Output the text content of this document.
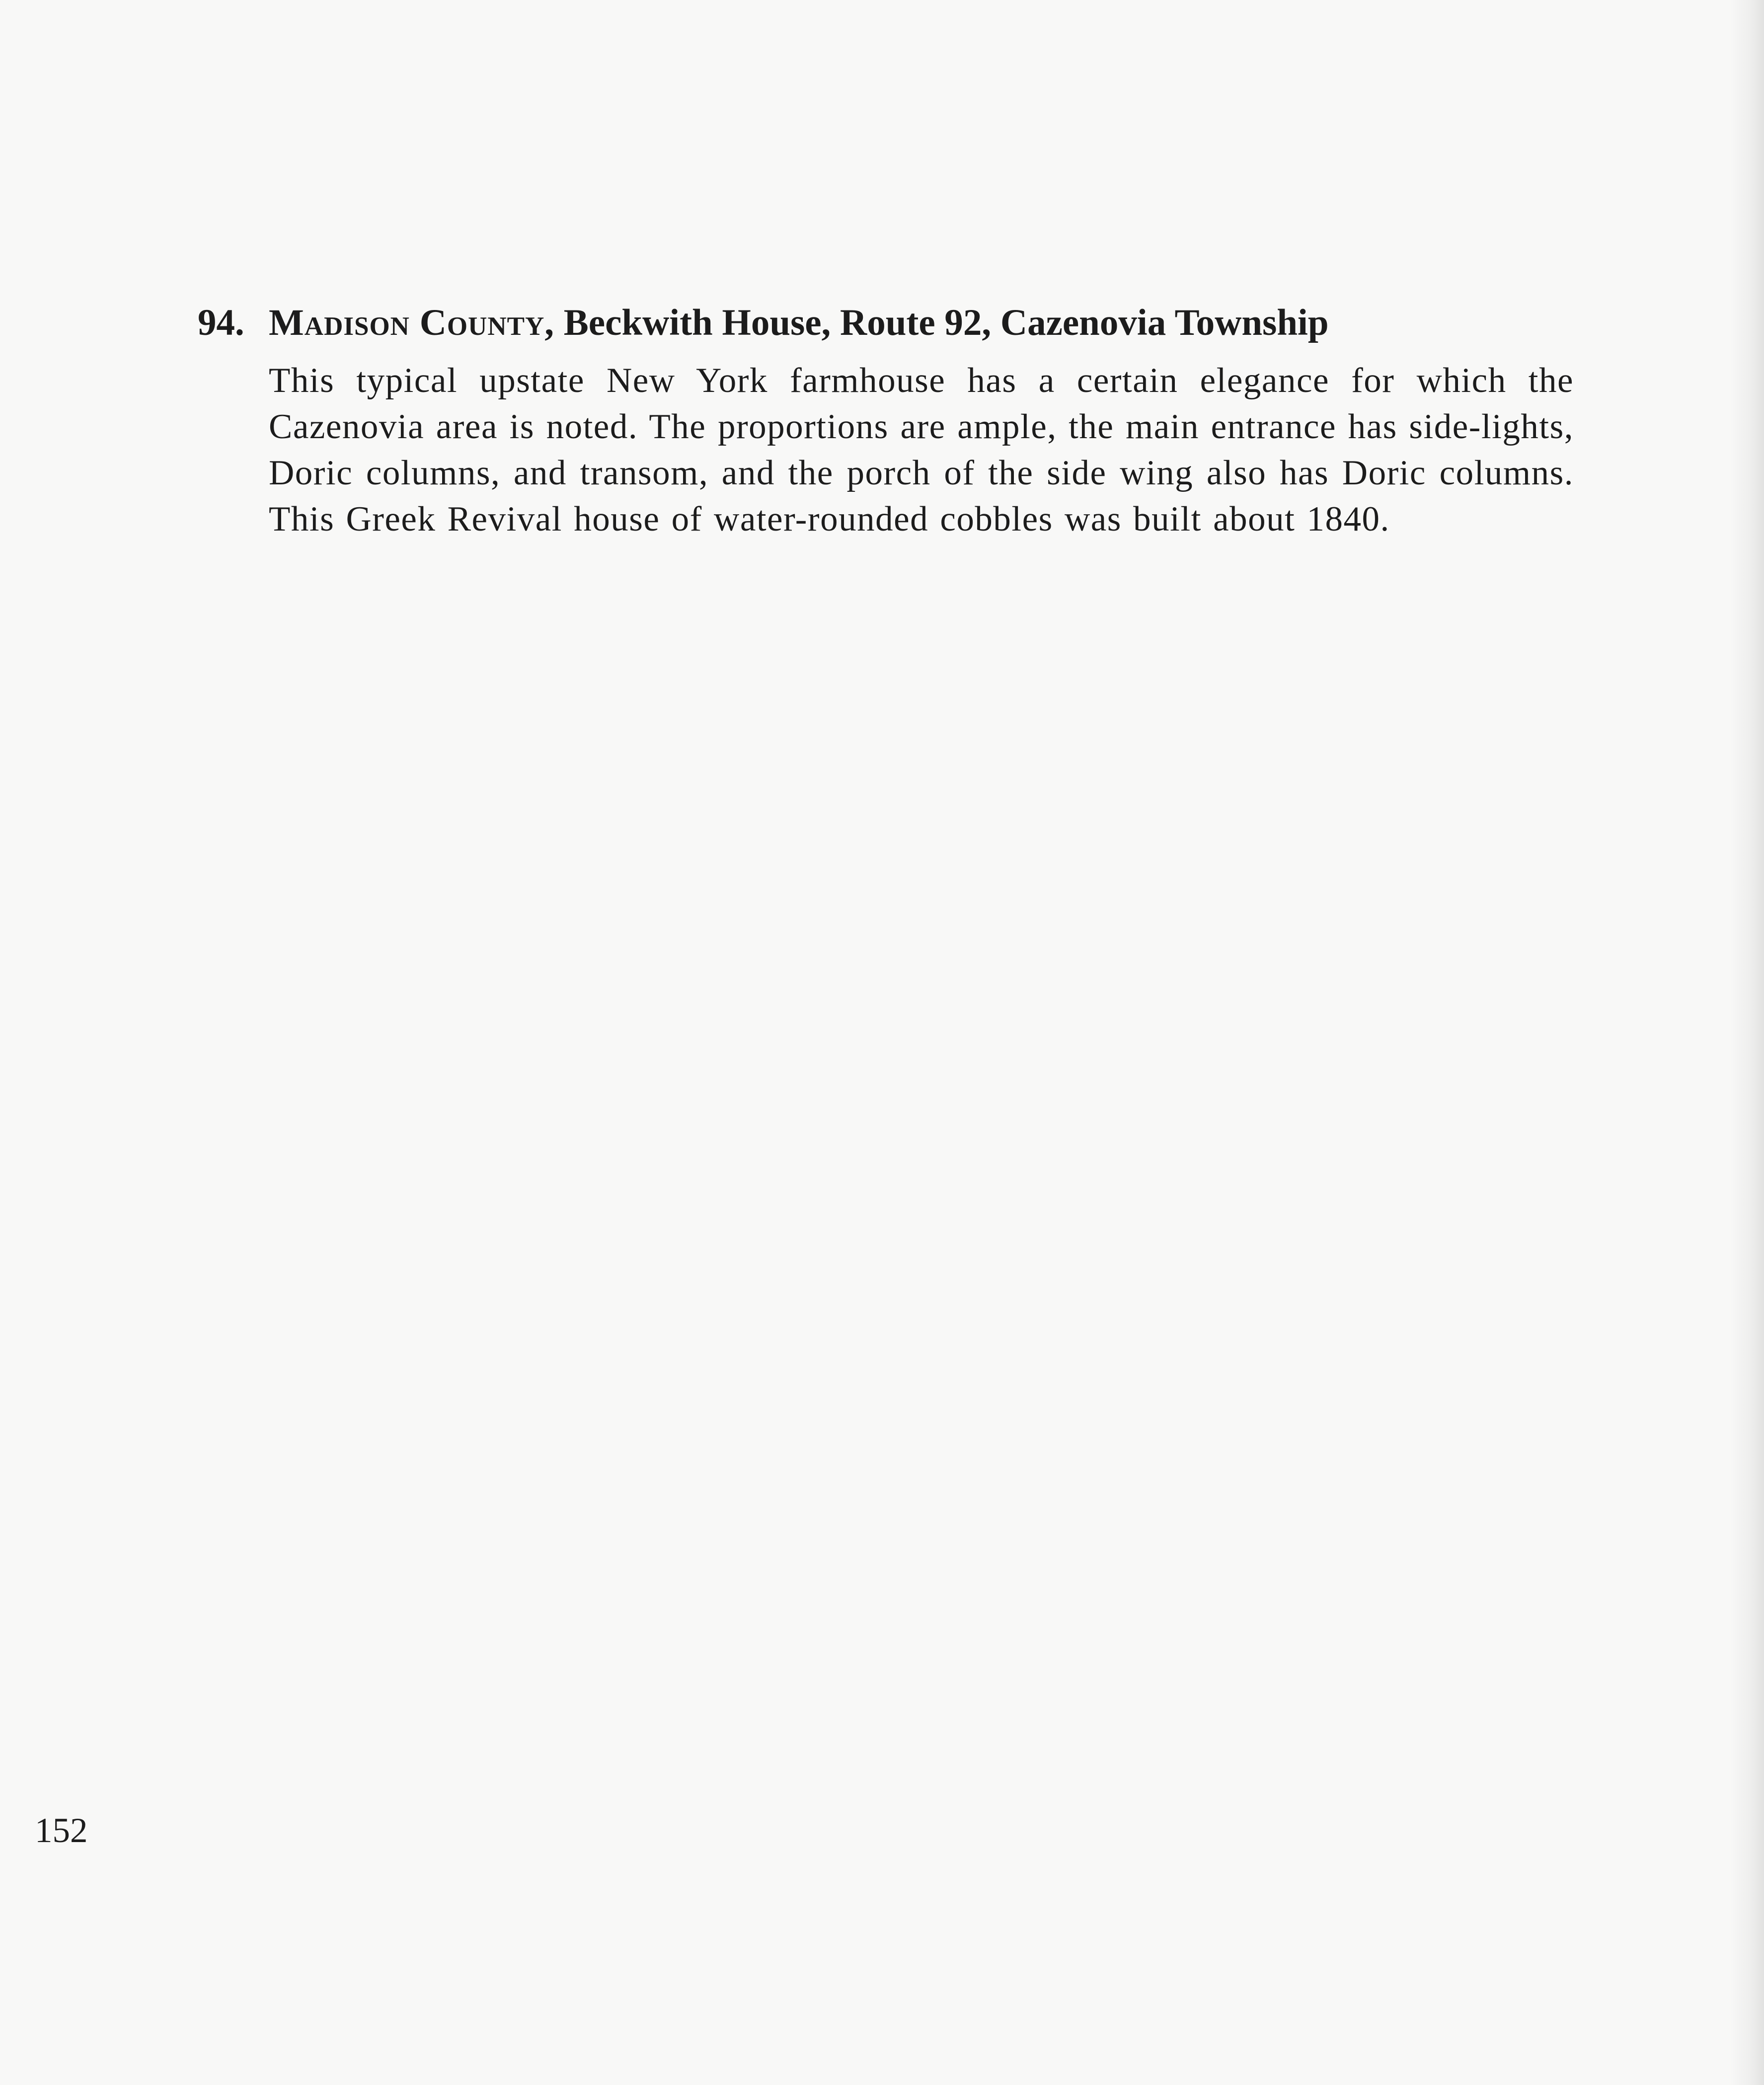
94. Madison County, Beckwith House, Route 92, Cazenovia Township

This typical upstate New York farmhouse has a certain elegance for which the Cazenovia area is noted. The proportions are ample, the main entrance has side-lights, Doric columns, and transom, and the porch of the side wing also has Doric columns. This Greek Revival house of water-rounded cobbles was built about 1840.

152
